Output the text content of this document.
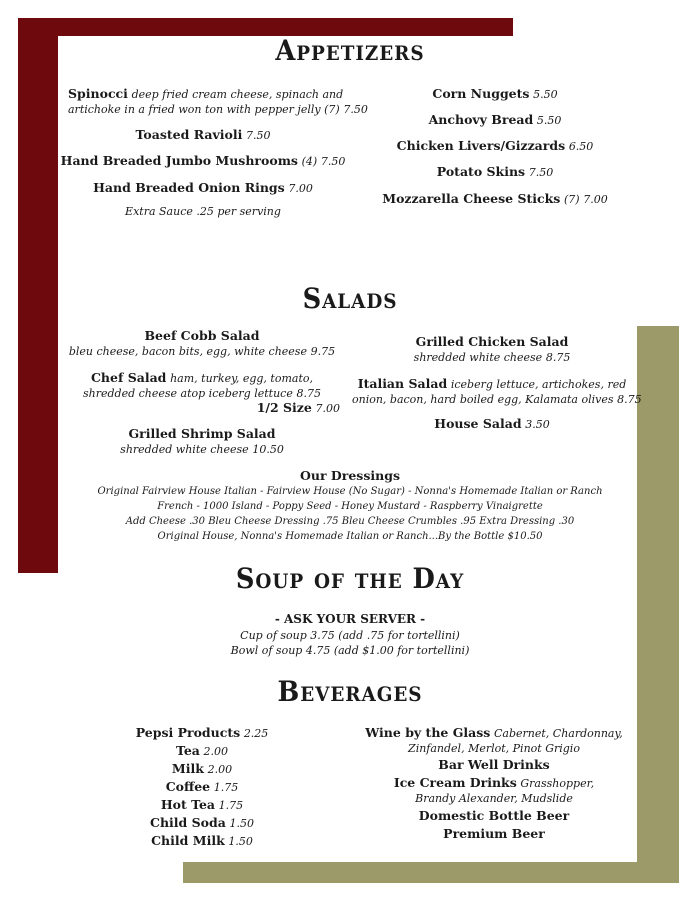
Appetizers
Spinocci deep fried cream cheese, spinach and
artichoke in a fried won ton with pepper jelly (7) 7.50
Toasted Ravioli 7.50
Hand Breaded Jumbo Mushrooms (4) 7.50
Hand Breaded Onion Rings 7.00
Extra Sauce .25 per serving
Corn Nuggets 5.50
Anchovy Bread 5.50
Chicken Livers/Gizzards 6.50
Potato Skins 7.50
Mozzarella Cheese Sticks (7) 7.00
Salads
Beef Cobb Salad
bleu cheese, bacon bits, egg, white cheese 9.75
Chef Salad ham, turkey, egg, tomato,
shredded cheese atop iceberg lettuce 8.75
1/2 Size 7.00
Grilled Shrimp Salad
shredded white cheese 10.50
Grilled Chicken Salad
shredded white cheese 8.75
Italian Salad iceberg lettuce, artichokes, red
onion, bacon, hard boiled egg, Kalamata olives 8.75
House Salad 3.50
Our Dressings
Original Fairview House Italian - Fairview House (No Sugar) - Nonna's Homemade Italian or Ranch
French - 1000 Island - Poppy Seed - Honey Mustard - Raspberry Vinaigrette
Add Cheese .30 Bleu Cheese Dressing .75 Bleu Cheese Crumbles .95 Extra Dressing .30
Original House, Nonna's Homemade Italian or Ranch...By the Bottle $10.50
Soup of the Day
- ASK YOUR SERVER -
Cup of soup 3.75 (add .75 for tortellini)
Bowl of soup 4.75 (add $1.00 for tortellini)
Beverages
Pepsi Products 2.25
Tea 2.00
Milk 2.00
Coffee 1.75
Hot Tea 1.75
Child Soda 1.50
Child Milk 1.50
Wine by the Glass Cabernet, Chardonnay,
Zinfandel, Merlot, Pinot Grigio
Bar Well Drinks
Ice Cream Drinks Grasshopper,
Brandy Alexander, Mudslide
Domestic Bottle Beer
Premium Beer
